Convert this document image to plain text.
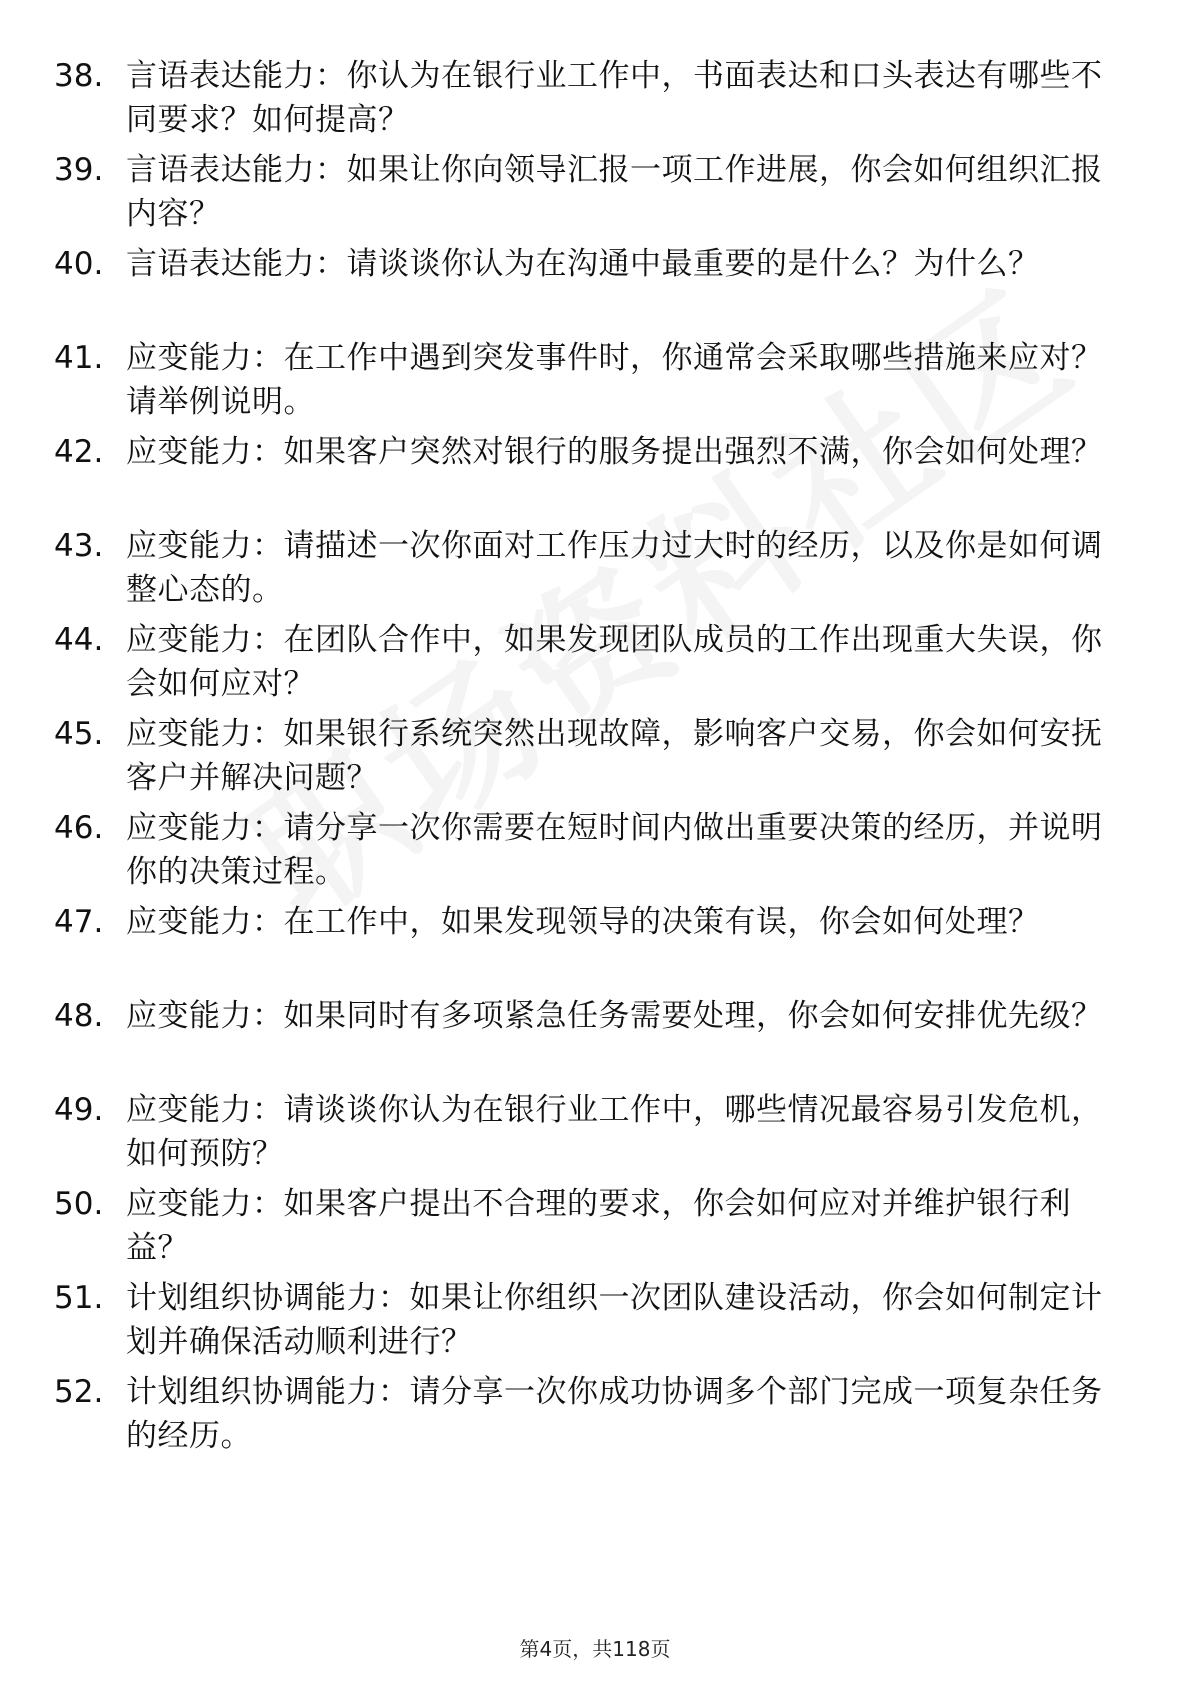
38. 言语表达能力：你认为在银行业工作中，书面表达和口头表达有哪些不同要求？如何提高？
39. 言语表达能力：如果让你向领导汇报一项工作进展，你会如何组织汇报内容？
40. 言语表达能力：请谈谈你认为在沟通中最重要的是什么？为什么？
41. 应变能力：在工作中遇到突发事件时，你通常会采取哪些措施来应对？请举例说明。
42. 应变能力：如果客户突然对银行的服务提出强烈不满，你会如何处理？
43. 应变能力：请描述一次你面对工作压力过大时的经历，以及你是如何调整心态的。
44. 应变能力：在团队合作中，如果发现团队成员的工作出现重大失误，你会如何应对？
45. 应变能力：如果银行系统突然出现故障，影响客户交易，你会如何安抚客户并解决问题？
46. 应变能力：请分享一次你需要在短时间内做出重要决策的经历，并说明你的决策过程。
47. 应变能力：在工作中，如果发现领导的决策有误，你会如何处理？
48. 应变能力：如果同时有多项紧急任务需要处理，你会如何安排优先级？
49. 应变能力：请谈谈你认为在银行业工作中，哪些情况最容易引发危机，如何预防？
50. 应变能力：如果客户提出不合理的要求，你会如何应对并维护银行利益？
51. 计划组织协调能力：如果让你组织一次团队建设活动，你会如何制定计划并确保活动顺利进行？
52. 计划组织协调能力：请分享一次你成功协调多个部门完成一项复杂任务的经历。
第4页，共118页
